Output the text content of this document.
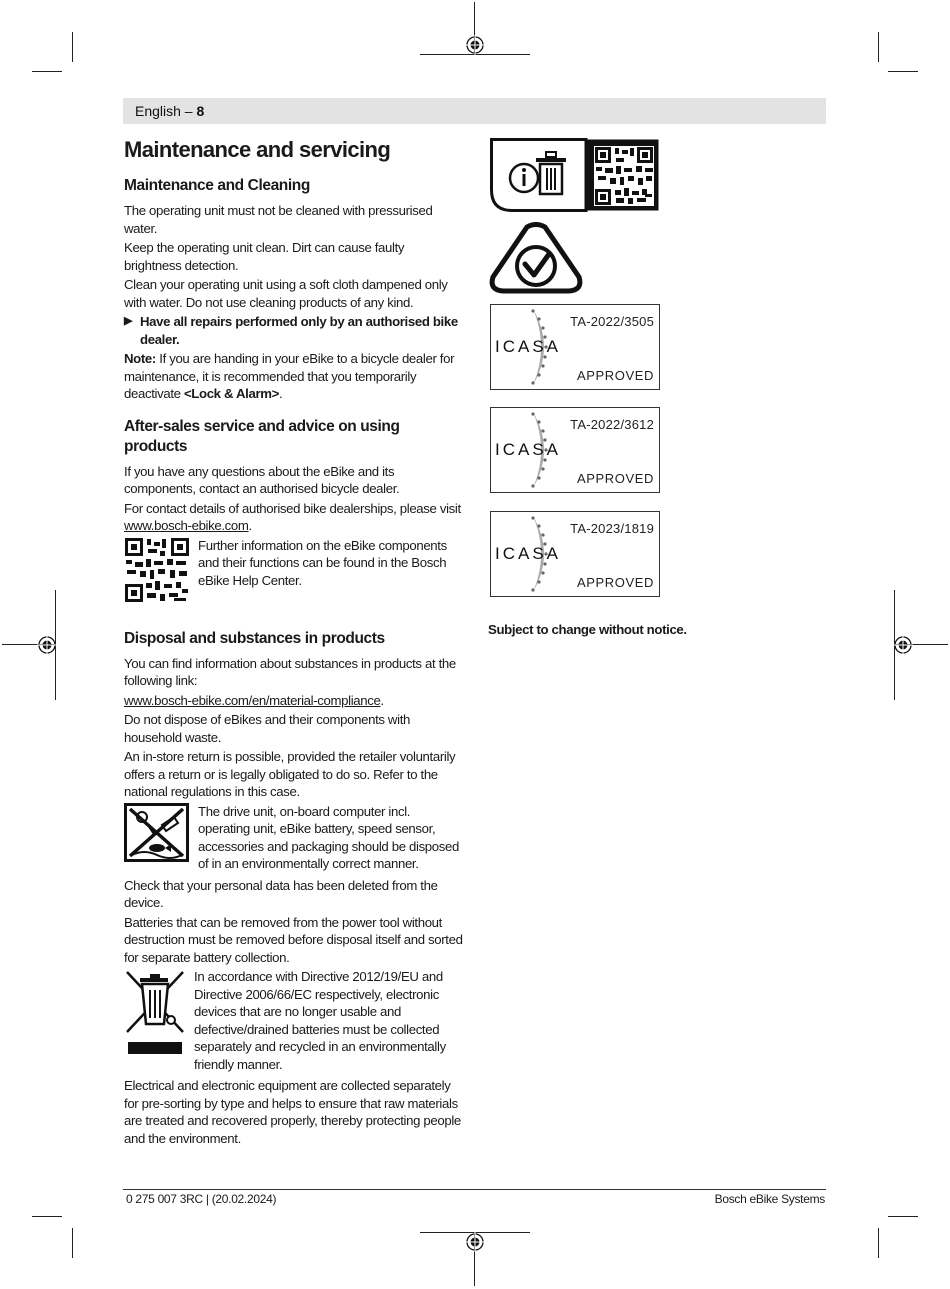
English – 8
Maintenance and servicing
Maintenance and Cleaning

The operating unit must not be cleaned with pressurised water.

Keep the operating unit clean. Dirt can cause faulty brightness detection.

Clean your operating unit using a soft cloth dampened only with water. Do not use cleaning products of any kind.

▶ Have all repairs performed only by an authorised bike dealer.

Note: If you are handing in your eBike to a bicycle dealer for maintenance, it is recommended that you temporarily deactivate <Lock & Alarm>.

After-sales service and advice on using products

If you have any questions about the eBike and its components, contact an authorised bicycle dealer.

For contact details of authorised bike dealerships, please visit www.bosch-ebike.com.

Further information on the eBike components and their functions can be found in the Bosch eBike Help Center.

Disposal and substances in products

You can find information about substances in products at the following link:

www.bosch-ebike.com/en/material-compliance.

Do not dispose of eBikes and their components with household waste.

An in-store return is possible, provided the retailer voluntarily offers a return or is legally obligated to do so. Refer to the national regulations in this case.

The drive unit, on-board computer incl. operating unit, eBike battery, speed sensor, accessories and packaging should be disposed of in an environmentally correct manner.

Check that your personal data has been deleted from the device.

Batteries that can be removed from the power tool without destruction must be removed before disposal itself and sorted for separate battery collection.

In accordance with Directive 2012/19/EU and Directive 2006/66/EC respectively, electronic devices that are no longer usable and defective/drained batteries must be collected separately and recycled in an environmentally friendly manner.

Electrical and electronic equipment are collected separately for pre-sorting by type and helps to ensure that raw materials are treated and recovered properly, thereby protecting people and the environment.

ICASA
TA-2022/3505
APPROVED
ICASA
TA-2022/3612
APPROVED
ICASA
TA-2023/1819
APPROVED
Subject to change without notice.
0 275 007 3RC | (20.02.2024)	Bosch eBike Systems
